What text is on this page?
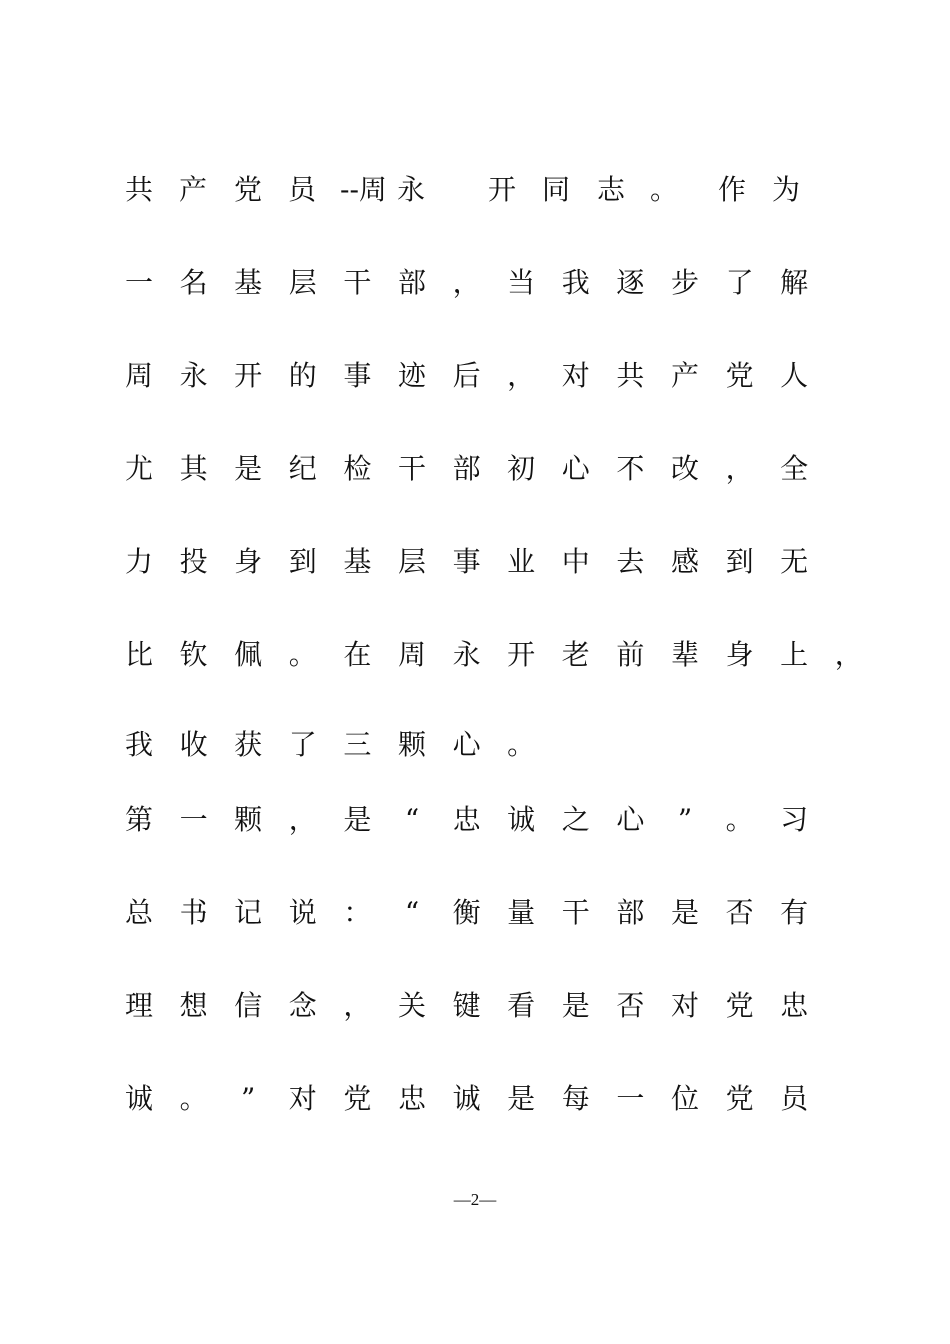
共 产 党 员 --周 永 开 同 志 。 作 为
一 名 基 层 干 部 ， 当 我 逐 步 了 解
周 永 开 的 事 迹 后 ， 对 共 产 党 人
尤 其 是 纪 检 干 部 初 心 不 改 ， 全
力 投 身 到 基 层 事 业 中 去 感 到 无
比 钦 佩 。 在 周 永 开 老 前 辈 身 上 ，
我 收 获 了 三 颗 心 。
第 一 颗 ， 是	“	忠 诚 之 心	”	。 习
总 书 记 说 ：	“	衡 量 干 部 是 否 有
理 想 信 念 ， 关 键 看 是 否 对 党 忠
诚 。	”	对 党 忠 诚 是 每 一 位 党 员
—2—
